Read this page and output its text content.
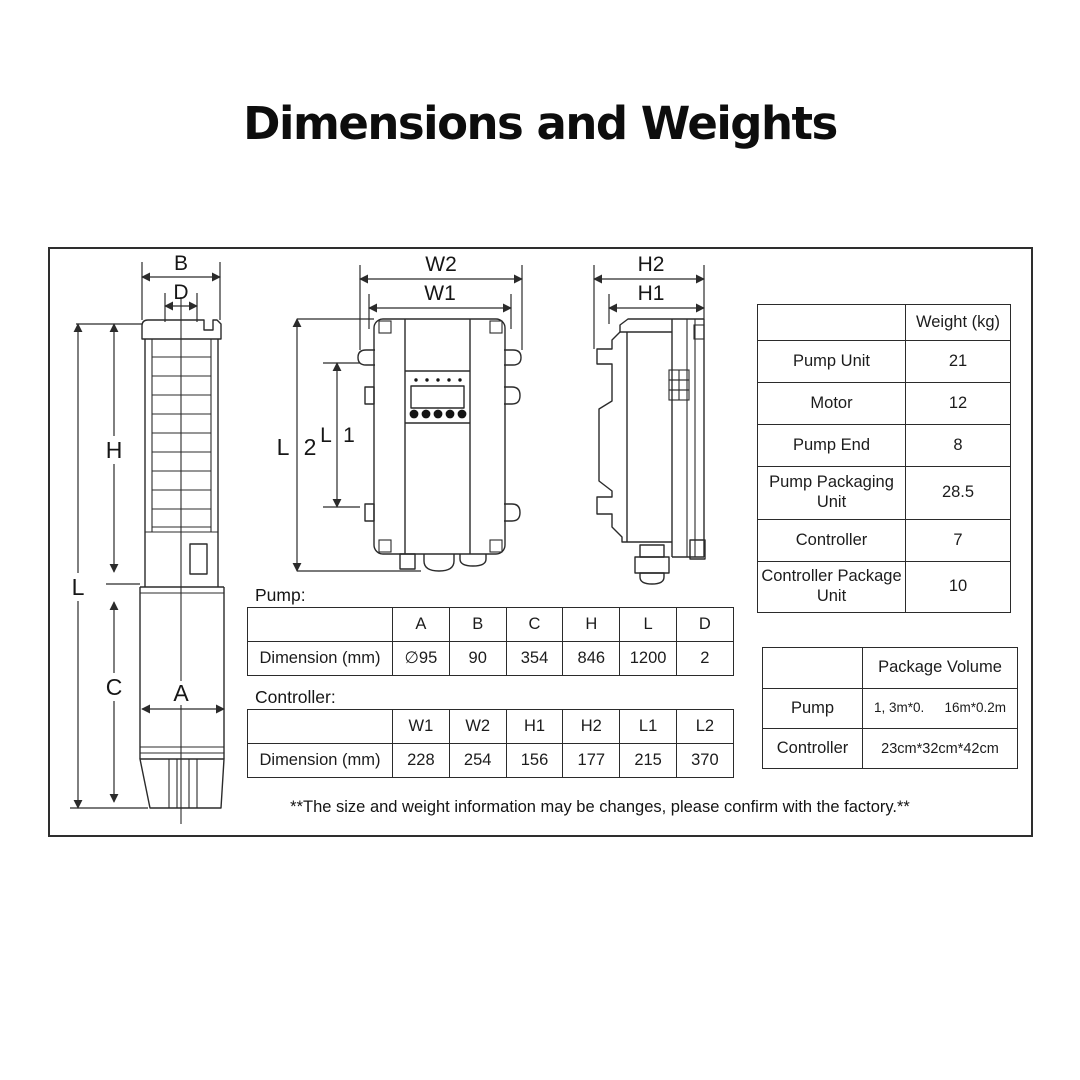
Dimensions and Weights
B
D
L
H
C A
W2
W1
L 2 L 1
H2
H1
	Weight (kg)
Pump Unit	21
Motor	12
Pump End	8
Pump Packaging Unit	28.5
Controller	7
Controller Package Unit	10
Pump:
	A	B	C	H	L	D
Dimension (mm)	∅95	90	354	846	1200	2
Controller:
	W1	W2	H1	H2	L1	L2
Dimension (mm)	228	254	156	177	215	370
	Package Volume
Pump	1, 3m*0. 16m*0.2m

Controller	23cm*32cm*42cm
**The size and weight information may be changes, please confirm with the factory.**
